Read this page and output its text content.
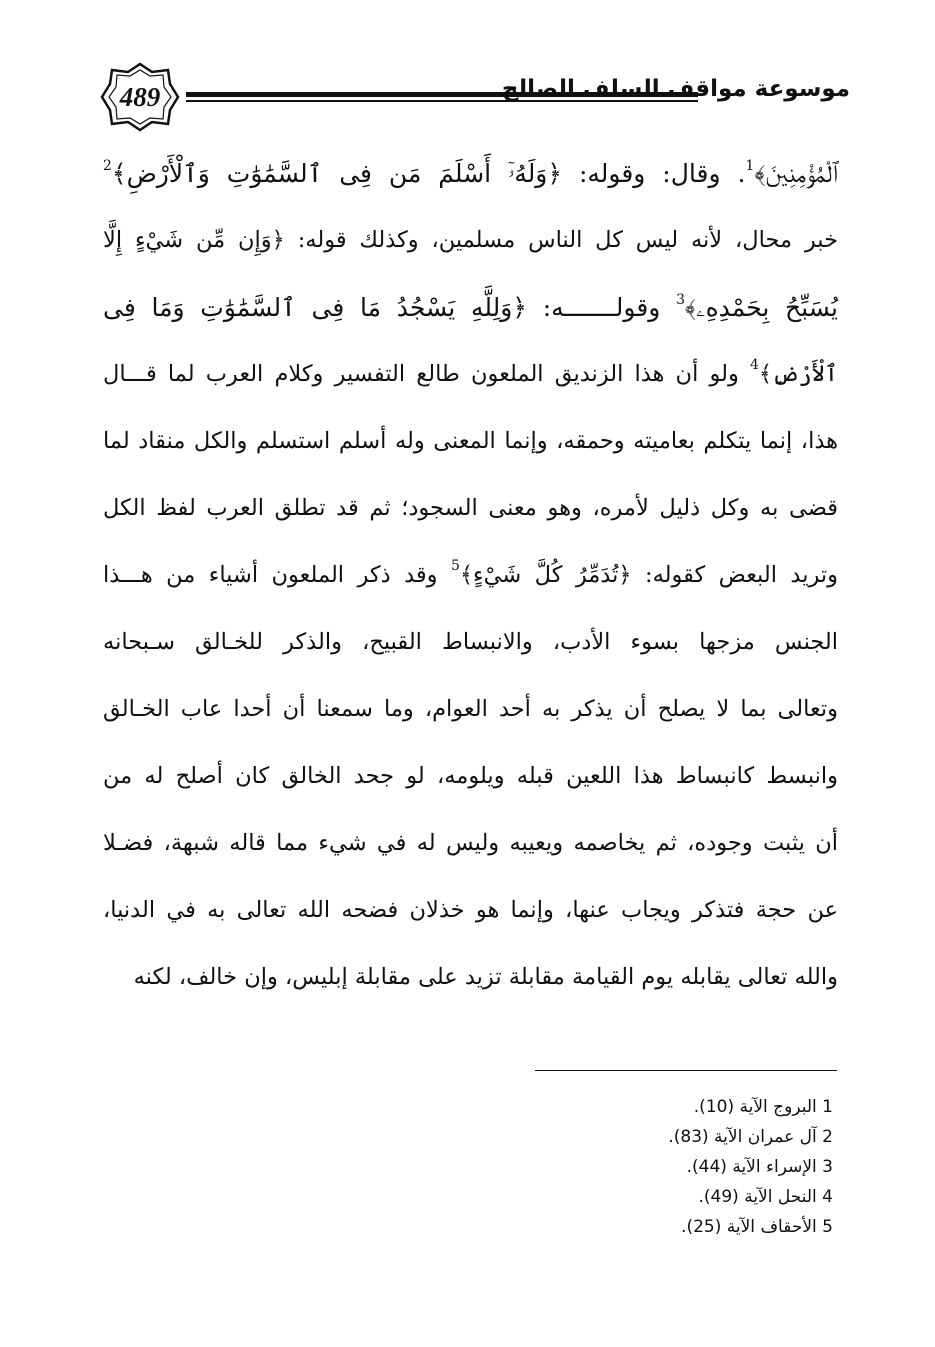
489	موسوعة مواقف السلف الصالح
ﭐﻟْﻤُﺆْﻣِﻨِﻴﻦَ﴾$^1$. وقال: وقوله: ﴿وَلَهُۥٓ أَسْلَمَ مَن فِى ٱلسَّمَٰوَٰتِ وَٱلْأَرْضِ﴾$^2$
خبر محال، لأنه ليس كل الناس مسلمين، وكذلك قوله: ﴿وَإِن مِّن شَيْءٍ إِلَّا
يُسَبِّحُ بِحَمْدِهِۦ﴾$^3$ وقولـــــــه: ﴿وَلِلَّهِ يَسْجُدُ مَا فِى ٱلسَّمَٰوَٰتِ وَمَا فِى
ٱلْأَرْضِ﴾$^4$ ولو أن هذا الزنديق الملعون طالع التفسير وكلام العرب لما قـــال
هذا، إنما يتكلم بعاميته وحمقه، وإنما المعنى وله أسلم استسلم والكل منقاد لما
قضى به وكل ذليل لأمره، وهو معنى السجود؛ ثم قد تطلق العرب لفظ الكل
وتريد البعض كقوله: ﴿تُدَمِّرُ كُلَّ شَيْءٍ﴾$^5$ وقد ذكر الملعون أشياء من هـــذا
الجنس مزجها بسوء الأدب، والانبساط القبيح، والذكر للخـالق سـبحانه
وتعالى بما لا يصلح أن يذكر به أحد العوام، وما سمعنا أن أحدا عاب الخـالق
وانبسط كانبساط هذا اللعين قبله ويلومه، لو جحد الخالق كان أصلح له من
أن يثبت وجوده، ثم يخاصمه ويعيبه وليس له في شيء مما قاله شبهة، فضـلا
عن حجة فتذكر ويجاب عنها، وإنما هو خذلان فضحه الله تعالى به في الدنيا،
والله تعالى يقابله يوم القيامة مقابلة تزيد على مقابلة إبليس، وإن خالف، لكنه
1 البروج الآية (10).
2 آل عمران الآية (83).
3 الإسراء الآية (44).
4 النحل الآية (49).
5 الأحقاف الآية (25).
